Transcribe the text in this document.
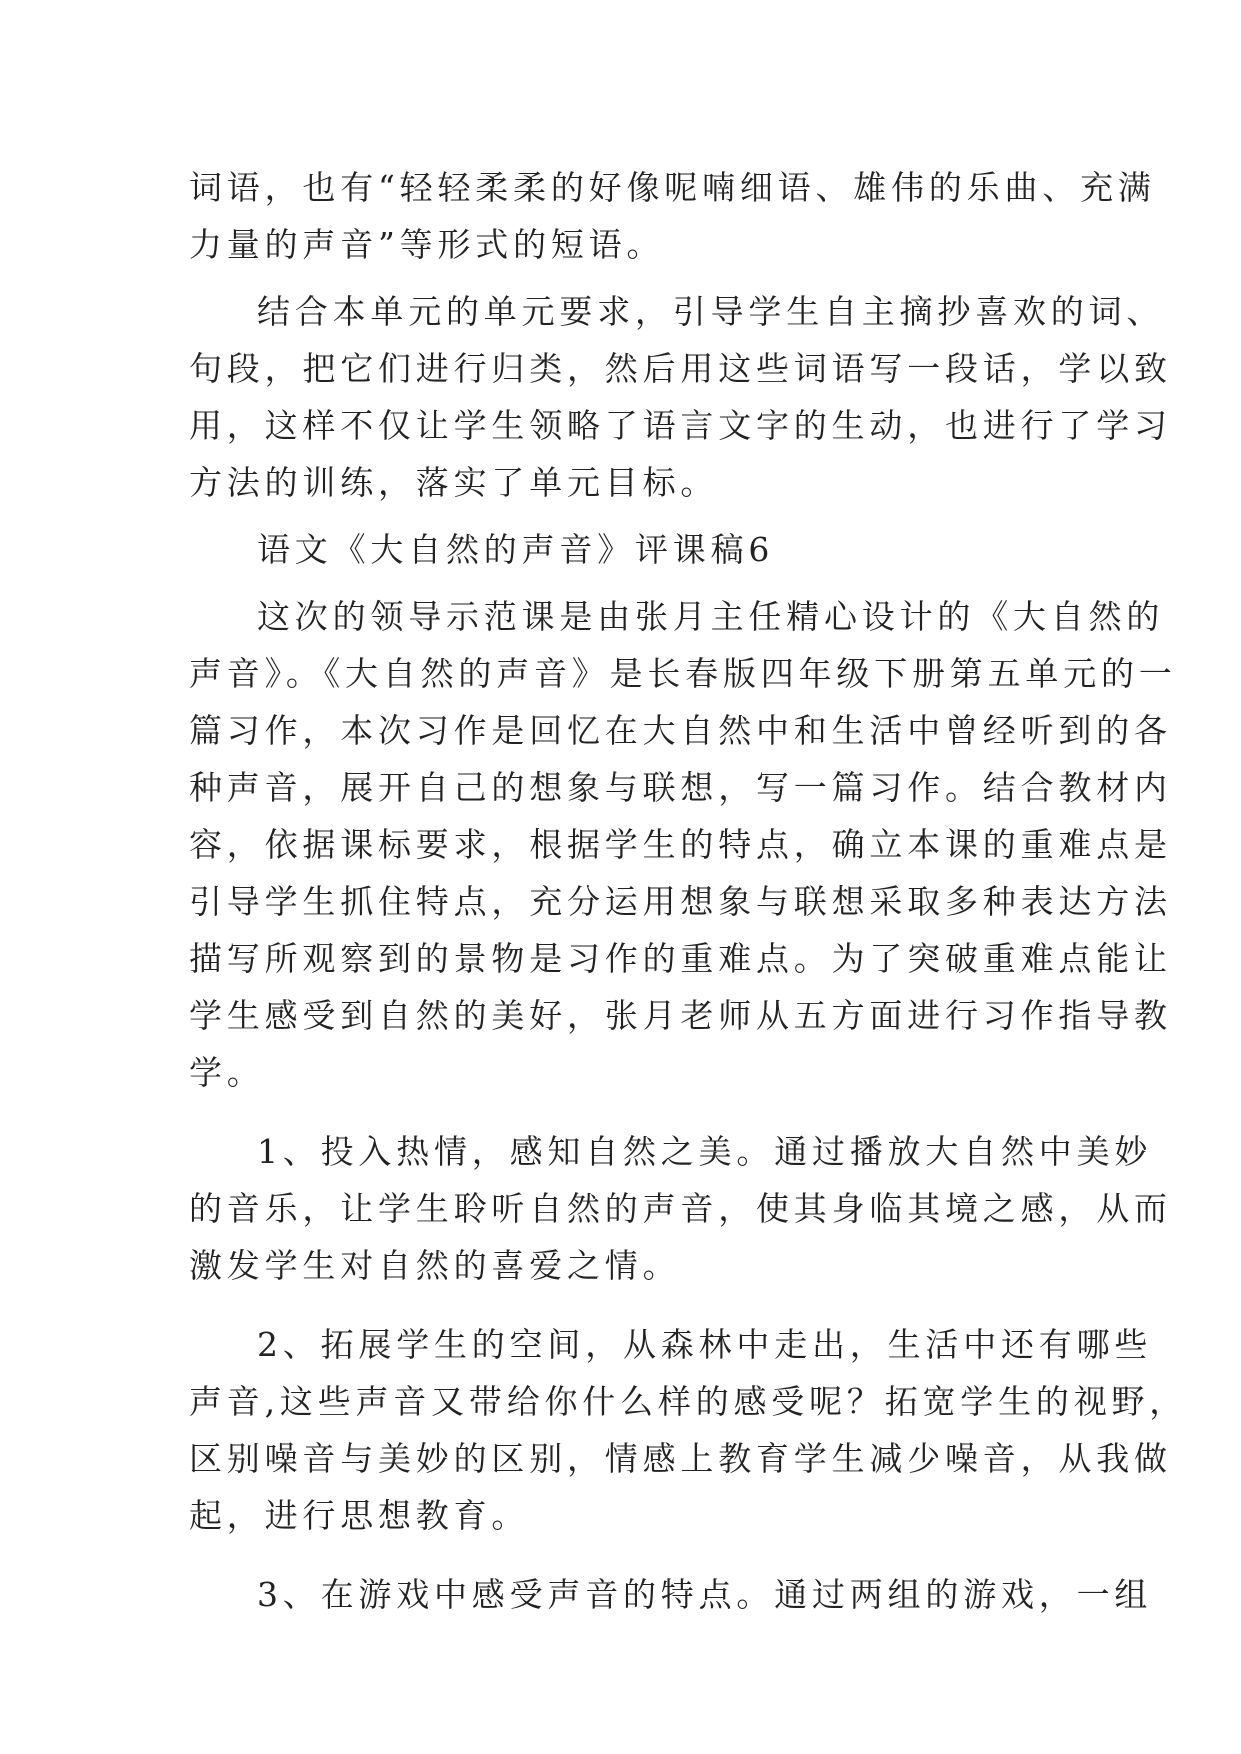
词语，也有“轻轻柔柔的好像呢喃细语、雄伟的乐曲、充满
力量的声音”等形式的短语。
结合本单元的单元要求，引导学生自主摘抄喜欢的词、
句段，把它们进行归类，然后用这些词语写一段话，学以致
用，这样不仅让学生领略了语言文字的生动，也进行了学习
方法的训练，落实了单元目标。
语文《大自然的声音》评课稿6
这次的领导示范课是由张月主任精心设计的《大自然的
声音》。《大自然的声音》是长春版四年级下册第五单元的一
篇习作，本次习作是回忆在大自然中和生活中曾经听到的各
种声音，展开自己的想象与联想，写一篇习作。结合教材内
容，依据课标要求，根据学生的特点，确立本课的重难点是
引导学生抓住特点，充分运用想象与联想采取多种表达方法
描写所观察到的景物是习作的重难点。为了突破重难点能让
学生感受到自然的美好，张月老师从五方面进行习作指导教
学。
1、投入热情，感知自然之美。通过播放大自然中美妙
的音乐，让学生聆听自然的声音，使其身临其境之感，从而
激发学生对自然的喜爱之情。
2、拓展学生的空间，从森林中走出，生活中还有哪些
声音,这些声音又带给你什么样的感受呢？拓宽学生的视野，
区别噪音与美妙的区别，情感上教育学生减少噪音，从我做
起，进行思想教育。
3、在游戏中感受声音的特点。通过两组的游戏，一组
